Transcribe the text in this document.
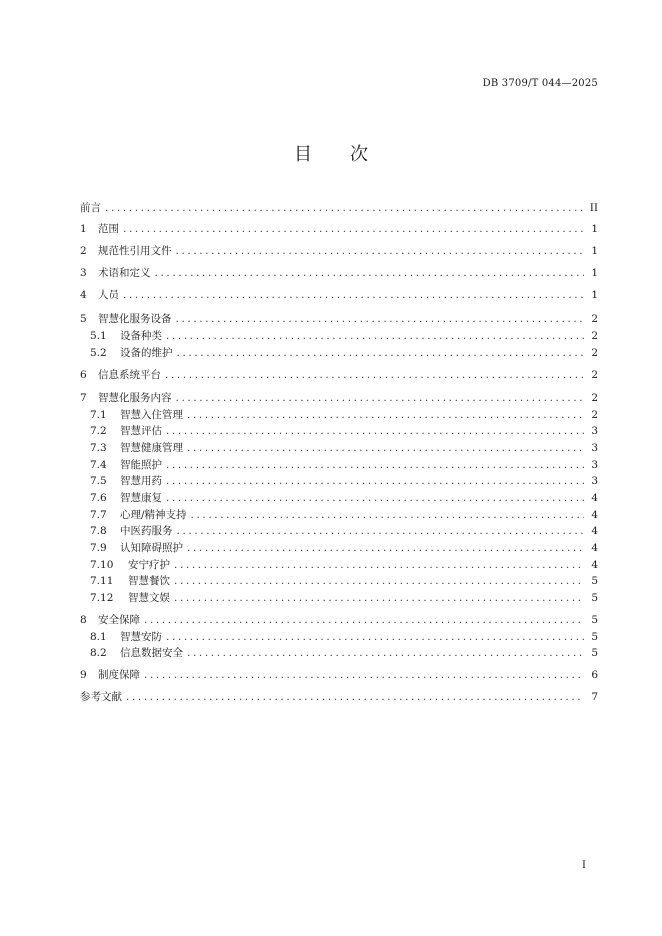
DB 3709/T 044—2025
目次
前言 .....	II
1	范围 .....	1
2	规范性引用文件 .....	1
3	术语和定义 .....	1
4	人员 .....	1
5	智慧化服务设备 .....	2
5.1	设备种类 .....	2
5.2	设备的维护 .....	2
6	信息系统平台 .....	2
7	智慧化服务内容 .....	2
7.1	智慧入住管理 .....	2
7.2	智慧评估 .....	3
7.3	智慧健康管理 .....	3
7.4	智能照护 .....	3
7.5	智慧用药 .....	3
7.6	智慧康复 .....	4
7.7	心理/精神支持 .....	4
7.8	中医药服务 .....	4
7.9	认知障碍照护 .....	4
7.10	安宁疗护 .....	4
7.11	智慧餐饮 .....	5
7.12	智慧文娱 .....	5
8	安全保障 .....	5
8.1	智慧安防 .....	5
8.2	信息数据安全 .....	5
9	制度保障 .....	6
参考文献 .....	7
I
